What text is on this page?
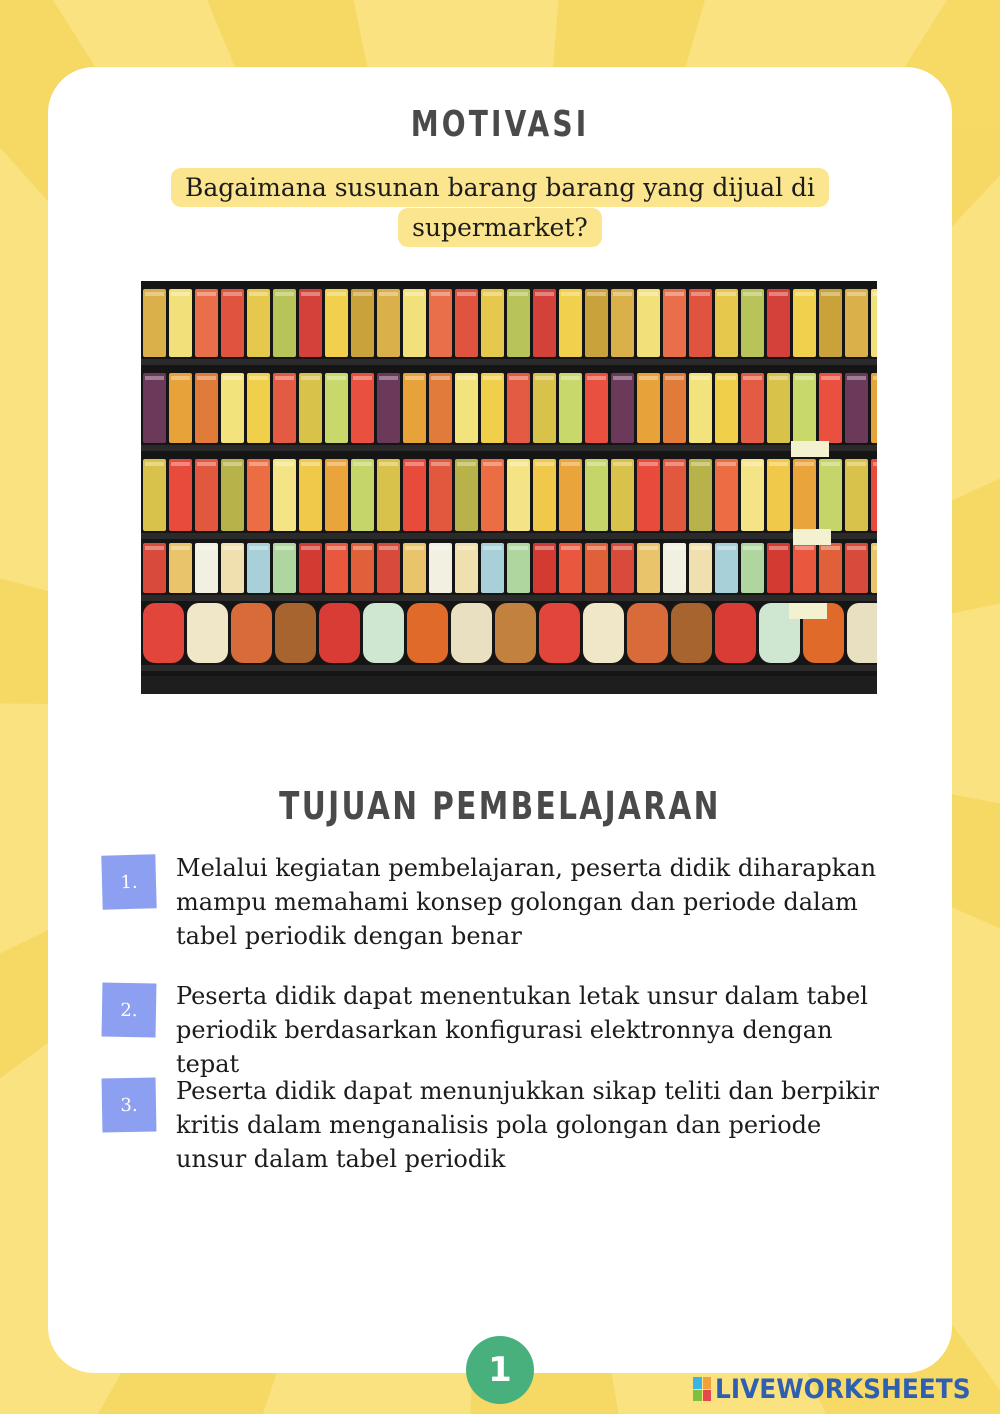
MOTIVASI
Bagaimana susunan barang barang yang dijual di supermarket?
TUJUAN PEMBELAJARAN
1.	Melalui kegiatan pembelajaran, peserta didik diharapkan mampu memahami konsep golongan dan periode dalam tabel periodik dengan benar
2.	Peserta didik dapat menentukan letak unsur dalam tabel periodik berdasarkan konfigurasi elektronnya dengan tepat
3.	Peserta didik dapat menunjukkan sikap teliti dan berpikir kritis dalam menganalisis pola golongan dan periode unsur dalam tabel periodik
1	LIVEWORKSHEETS
